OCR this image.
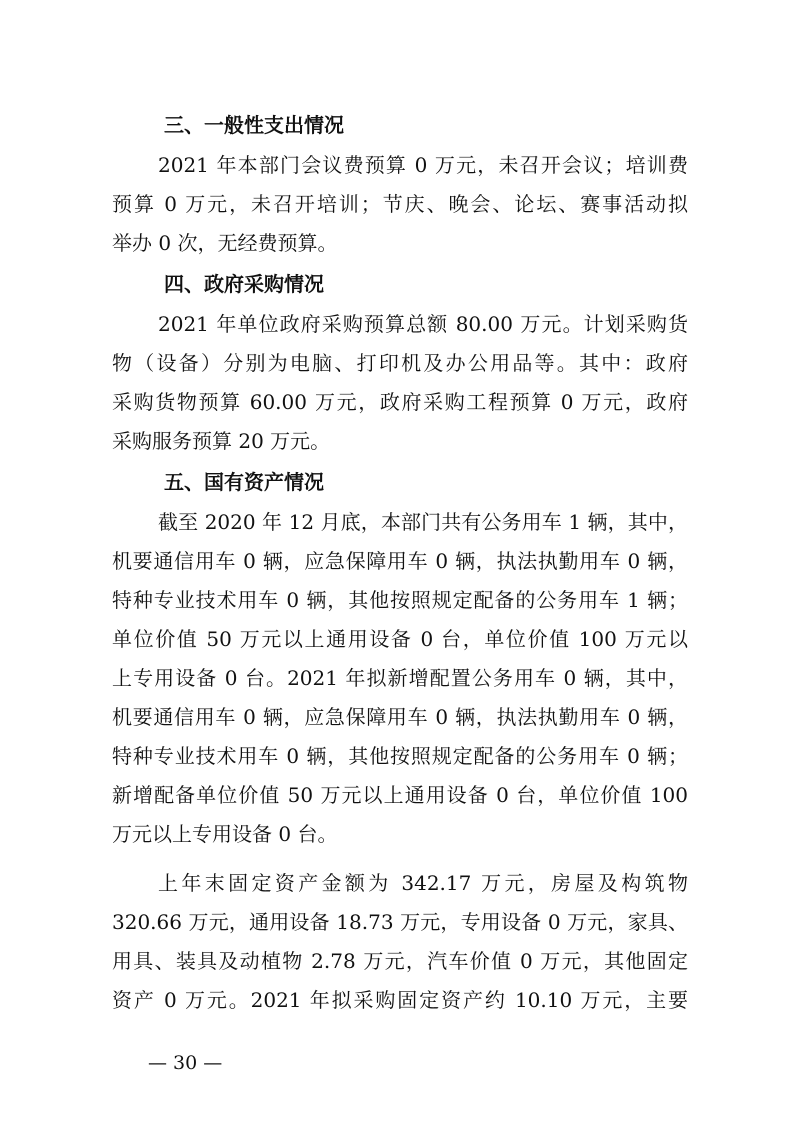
三、一般性支出情况
2021 年本部门会议费预算 0 万元，未召开会议；培训费
预算 0 万元，未召开培训；节庆、晚会、论坛、赛事活动拟
举办 0 次，无经费预算。
四、政府采购情况
2021 年单位政府采购预算总额 80.00 万元。计划采购货
物（设备）分别为电脑、打印机及办公用品等。其中：政府
采购货物预算 60.00 万元，政府采购工程预算 0 万元，政府
采购服务预算 20 万元。
五、国有资产情况
截至 2020 年 12 月底，本部门共有公务用车 1 辆，其中，
机要通信用车 0 辆，应急保障用车 0 辆，执法执勤用车 0 辆，
特种专业技术用车 0 辆，其他按照规定配备的公务用车 1 辆；
单位价值 50 万元以上通用设备 0 台，单位价值 100 万元以
上专用设备 0 台。2021 年拟新增配置公务用车 0 辆，其中，
机要通信用车 0 辆，应急保障用车 0 辆，执法执勤用车 0 辆，
特种专业技术用车 0 辆，其他按照规定配备的公务用车 0 辆；
新增配备单位价值 50 万元以上通用设备 0 台，单位价值 100
万元以上专用设备 0 台。
上年末固定资产金额为 342.17 万元，房屋及构筑物
320.66 万元，通用设备 18.73 万元，专用设备 0 万元，家具、
用具、装具及动植物 2.78 万元，汽车价值 0 万元，其他固定
资产 0 万元。2021 年拟采购固定资产约 10.10 万元，主要
— 30 —
